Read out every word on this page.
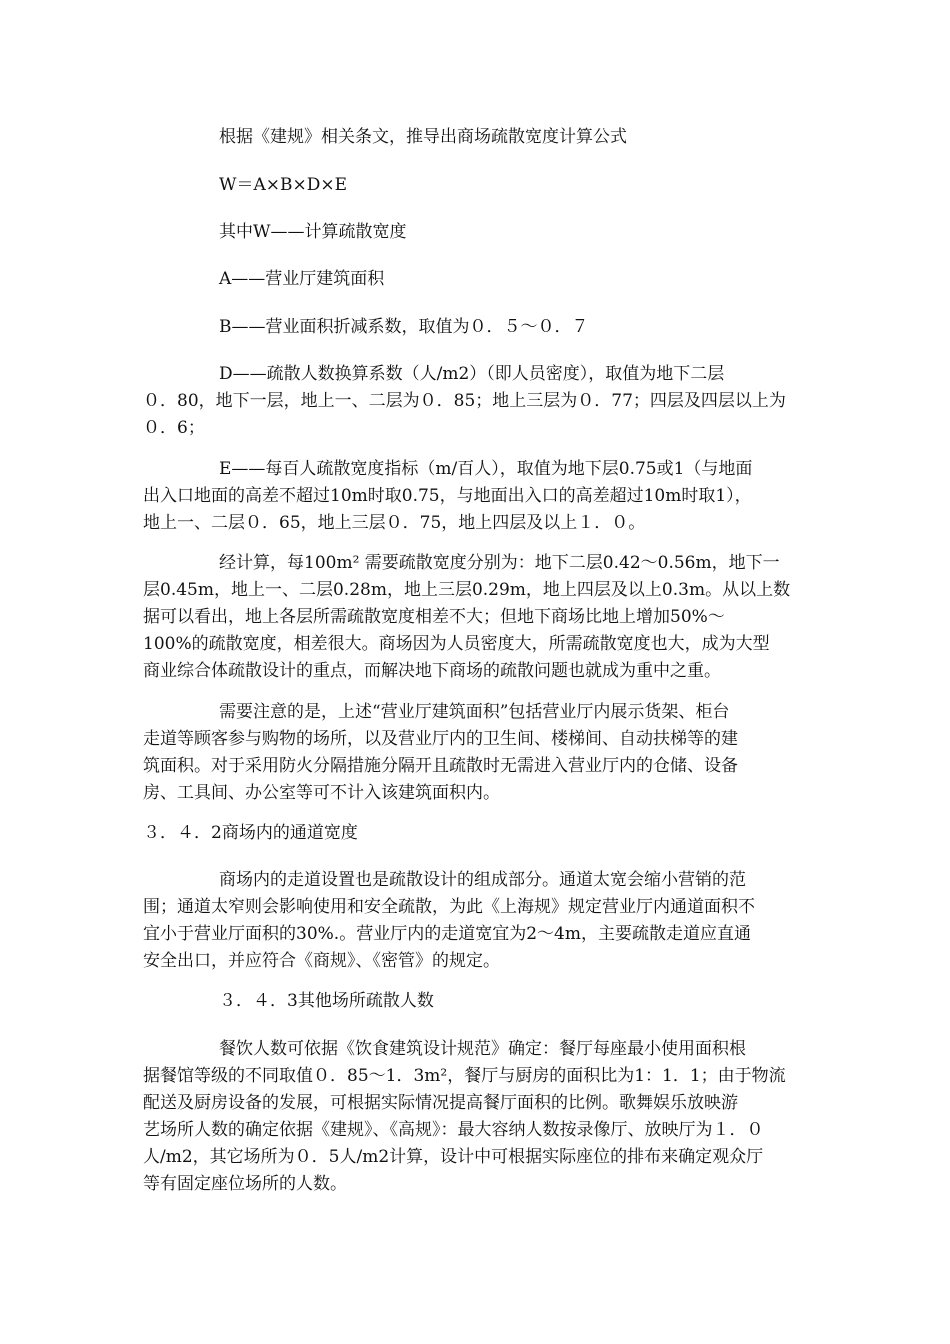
根据《建规》相关条文，推导出商场疏散宽度计算公式
W＝A×B×D×E
其中W——计算疏散宽度
A——营业厅建筑面积
B——营业面积折减系数，取值为０．５～０．７
D——疏散人数换算系数（人/m2）（即人员密度），取值为地下二层
０．80，地下一层，地上一、二层为０．85；地上三层为０．77；四层及四层以上为
０．6；
E——每百人疏散宽度指标（m/百人），取值为地下层0.75或1（与地面
出入口地面的高差不超过10m时取0.75，与地面出入口的高差超过10m时取1），
地上一、二层０．65，地上三层０．75，地上四层及以上１．０。
经计算，每100m² 需要疏散宽度分别为：地下二层0.42～0.56m，地下一
层0.45m，地上一、二层0.28m，地上三层0.29m，地上四层及以上0.3m。从以上数
据可以看出，地上各层所需疏散宽度相差不大；但地下商场比地上增加50%～
100%的疏散宽度，相差很大。商场因为人员密度大，所需疏散宽度也大，成为大型
商业综合体疏散设计的重点，而解决地下商场的疏散问题也就成为重中之重。
需要注意的是，上述“营业厅建筑面积”包括营业厅内展示货架、柜台
走道等顾客参与购物的场所，以及营业厅内的卫生间、楼梯间、自动扶梯等的建
筑面积。对于采用防火分隔措施分隔开且疏散时无需进入营业厅内的仓储、设备
房、工具间、办公室等可不计入该建筑面积内。
３．４．2商场内的通道宽度
商场内的走道设置也是疏散设计的组成部分。通道太宽会缩小营销的范
围；通道太窄则会影响使用和安全疏散，为此《上海规》规定营业厅内通道面积不
宜小于营业厅面积的30%.。营业厅内的走道宽宜为2～4m，主要疏散走道应直通
安全出口，并应符合《商规》、《密管》的规定。
３．４．3其他场所疏散人数
餐饮人数可依据《饮食建筑设计规范》确定：餐厅每座最小使用面积根
据餐馆等级的不同取值０．85～1．3m²，餐厅与厨房的面积比为1：1．1；由于物流
配送及厨房设备的发展，可根据实际情况提高餐厅面积的比例。歌舞娱乐放映游
艺场所人数的确定依据《建规》、《高规》：最大容纳人数按录像厅、放映厅为１．０
人/m2，其它场所为０．5人/m2计算，设计中可根据实际座位的排布来确定观众厅
等有固定座位场所的人数。
